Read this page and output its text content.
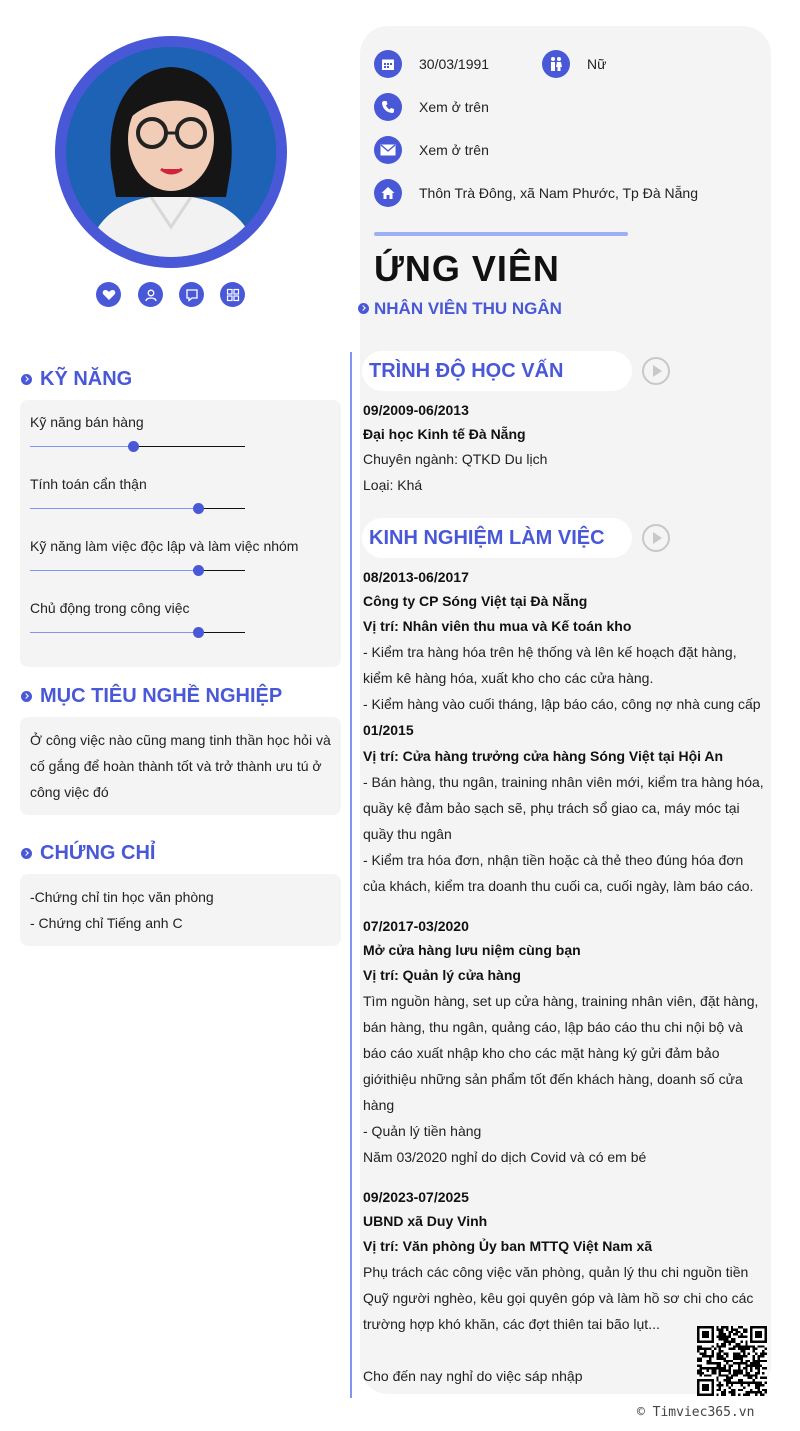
30/03/1991	Nữ
Xem ở trên
Xem ở trên
Thôn Trà Đông, xã Nam Phước, Tp Đà Nẵng
ỨNG VIÊN
NHÂN VIÊN THU NGÂN
KỸ NĂNG
Kỹ năng bán hàng
Tính toán cẩn thận
Kỹ năng làm việc độc lập và làm việc nhóm
Chủ động trong công việc
MỤC TIÊU NGHỀ NGHIỆP
Ở công việc nào cũng mang tinh thần học hỏi và
cố gắng để hoàn thành tốt và trở thành ưu tú ở
công việc đó
CHỨNG CHỈ
-Chứng chỉ tin học văn phòng
- Chứng chỉ Tiếng anh C
TRÌNH ĐỘ HỌC VẤN
09/2009-06/2013
Đại học Kinh tế Đà Nẵng
Chuyên ngành: QTKD Du lịch
Loại: Khá
KINH NGHIỆM LÀM VIỆC
08/2013-06/2017
Công ty CP Sóng Việt tại Đà Nẵng
Vị trí: Nhân viên thu mua và Kế toán kho
- Kiểm tra hàng hóa trên hệ thống và lên kế hoạch đặt hàng,
kiểm kê hàng hóa, xuất kho cho các cửa hàng.
- Kiểm hàng vào cuối tháng, lập báo cáo, công nợ nhà cung cấp
01/2015
Vị trí: Cửa hàng trưởng cửa hàng Sóng Việt tại Hội An
- Bán hàng, thu ngân, training nhân viên mới, kiểm tra hàng hóa,
quầy kệ đảm bảo sạch sẽ, phụ trách sổ giao ca, máy móc tại
quầy thu ngân
- Kiểm tra hóa đơn, nhận tiền hoặc cà thẻ theo đúng hóa đơn
của khách, kiểm tra doanh thu cuối ca, cuối ngày, làm báo cáo.
07/2017-03/2020
Mở cửa hàng lưu niệm cùng bạn
Vị trí: Quản lý cửa hàng
Tìm nguồn hàng, set up cửa hàng, training nhân viên, đặt hàng,
bán hàng, thu ngân, quảng cáo, lập báo cáo thu chi nội bộ và
báo cáo xuất nhập kho cho các mặt hàng ký gửi đảm bảo
giớithiệu những sản phẩm tốt đến khách hàng, doanh số cửa
hàng
- Quản lý tiền hàng
Năm 03/2020 nghỉ do dịch Covid và có em bé
09/2023-07/2025
UBND xã Duy Vinh
Vị trí: Văn phòng Ủy ban MTTQ Việt Nam xã
Phụ trách các công việc văn phòng, quản lý thu chi nguồn tiền
Quỹ người nghèo, kêu gọi quyên góp và làm hồ sơ chi cho các
trường hợp khó khăn, các đợt thiên tai bão lụt...
Cho đến nay nghỉ do việc sáp nhập
© Timviec365.vn
